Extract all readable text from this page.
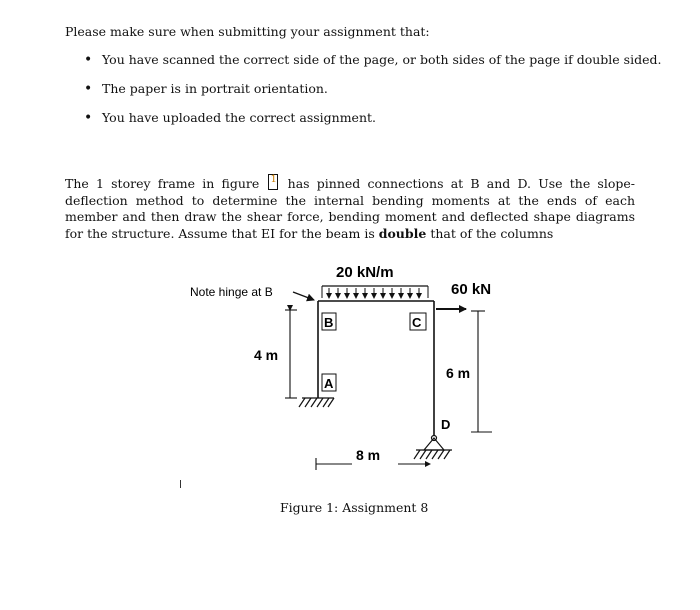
Please make sure when submitting your assignment that:
• You have scanned the correct side of the page, or both sides of the page if double sided.
• The paper is in portrait orientation.
• You have uploaded the correct assignment.
The 1 storey frame in figure 1 has pinned connections at B and D. Use the slope-deflection method to determine the internal bending moments at the ends of each member and then draw the shear force, bending moment and deflected shape diagrams for the structure. Assume that EI for the beam is double that of the columns
20 kN/m
Note hinge at B
B	C
A
D
60 kN
4 m
6 m
8 m
Figure 1: Assignment 8
